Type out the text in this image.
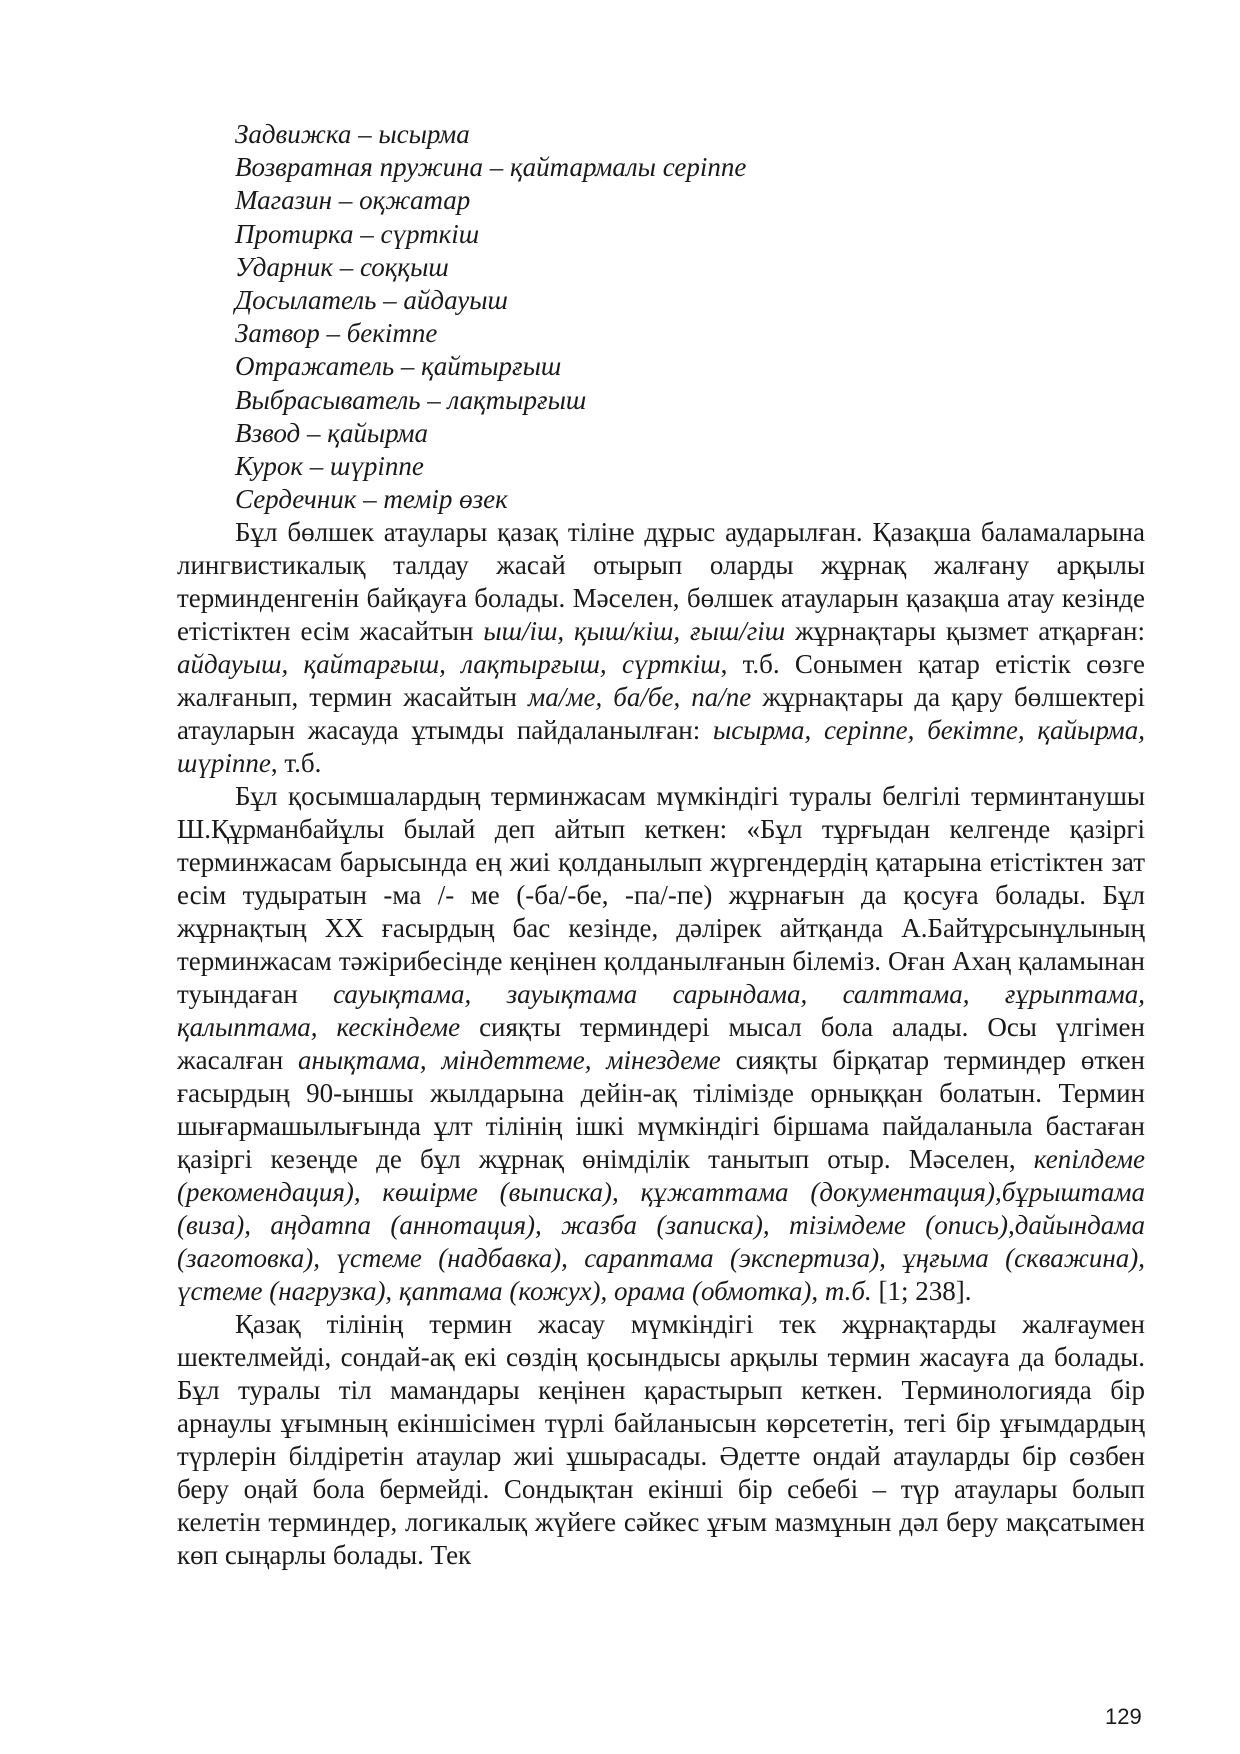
Задвижка – ысырма
Возвратная пружина – қайтармалы серіппе
Магазин – оқжатар
Протирка – сүрткіш
Ударник – соққыш
Досылатель – айдауыш
Затвор – бекітпе
Отражатель – қайтырғыш
Выбрасыватель – лақтырғыш
Взвод – қайырма
Курок – шүріппе
Сердечник – темір өзек

Бұл бөлшек атаулары қазақ тіліне дұрыс аударылған. Қазақша баламаларына лингвистикалық талдау жасай отырып оларды жұрнақ жалғану арқылы терминденгенін байқауға болады. Мәселен, бөлшек атауларын қазақша атау кезінде етістіктен есім жасайтын ыш/іш, қыш/кіш, ғыш/гіш жұрнақтары қызмет атқарған: айдауыш, қайтарғыш, лақтырғыш, сүрткіш, т.б. Сонымен қатар етістік сөзге жалғанып, термин жасайтын ма/ме, ба/бе, па/пе жұрнақтары да қару бөлшектері атауларын жасауда ұтымды пайдаланылған: ысырма, серіппе, бекітпе, қайырма, шүріппе, т.б.

Бұл қосымшалардың терминжасам мүмкіндігі туралы белгілі терминтанушы Ш.Құрманбайұлы былай деп айтып кеткен: «Бұл тұрғыдан келгенде қазіргі терминжасам барысында ең жиі қолданылып жүргендердің қатарына етістіктен зат есім тудыратын -ма /- ме (-ба/-бе, -па/-пе) жұрнағын да қосуға болады. Бұл жұрнақтың XX ғасырдың бас кезінде, дәлірек айтқанда А.Байтұрсынұлының терминжасам тәжірибесінде кеңінен қолданылғанын білеміз. Оған Ахаң қаламынан туындаған сауықтама, зауықтама сарындама, салттама, ғұрыптама, қалыптама, кескіндеме сияқты терминдері мысал бола алады. Осы үлгімен жасалған анықтама, міндеттеме, мінездеме сияқты бірқатар терминдер өткен ғасырдың 90-ыншы жылдарына дейін-ақ тілімізде орныққан болатын. Термин шығармашылығында ұлт тілінің ішкі мүмкіндігі біршама пайдаланыла бастаған қазіргі кезеңде де бұл жұрнақ өнімділік танытып отыр. Мәселен, кепілдеме (рекомендация), көшірме (выписка), құжаттама (документация),бұрыштама (виза), аңдатпа (аннотация), жазба (записка), тізімдеме (опись),дайындама (заготовка), үстеме (надбавка), сараптама (экспертиза), ұңғыма (скважина), үстеме (нагрузка), қаптама (кожух), орама (обмотка), т.б. [1; 238].

Қазақ тілінің термин жасау мүмкіндігі тек жұрнақтарды жалғаумен шектелмейді, сондай-ақ екі сөздің қосындысы арқылы термин жасауға да болады. Бұл туралы тіл мамандары кеңінен қарастырып кеткен. Терминологияда бір арнаулы ұғымның екіншісімен түрлі байланысын көрсететін, тегі бір ұғымдардың түрлерін білдіретін атаулар жиі ұшырасады. Әдетте ондай атауларды бір сөзбен беру оңай бола бермейді. Сондықтан екінші бір себебі – түр атаулары болып келетін терминдер, логикалық жүйеге сәйкес ұғым мазмұнын дәл беру мақсатымен көп сыңарлы болады. Тек

129
